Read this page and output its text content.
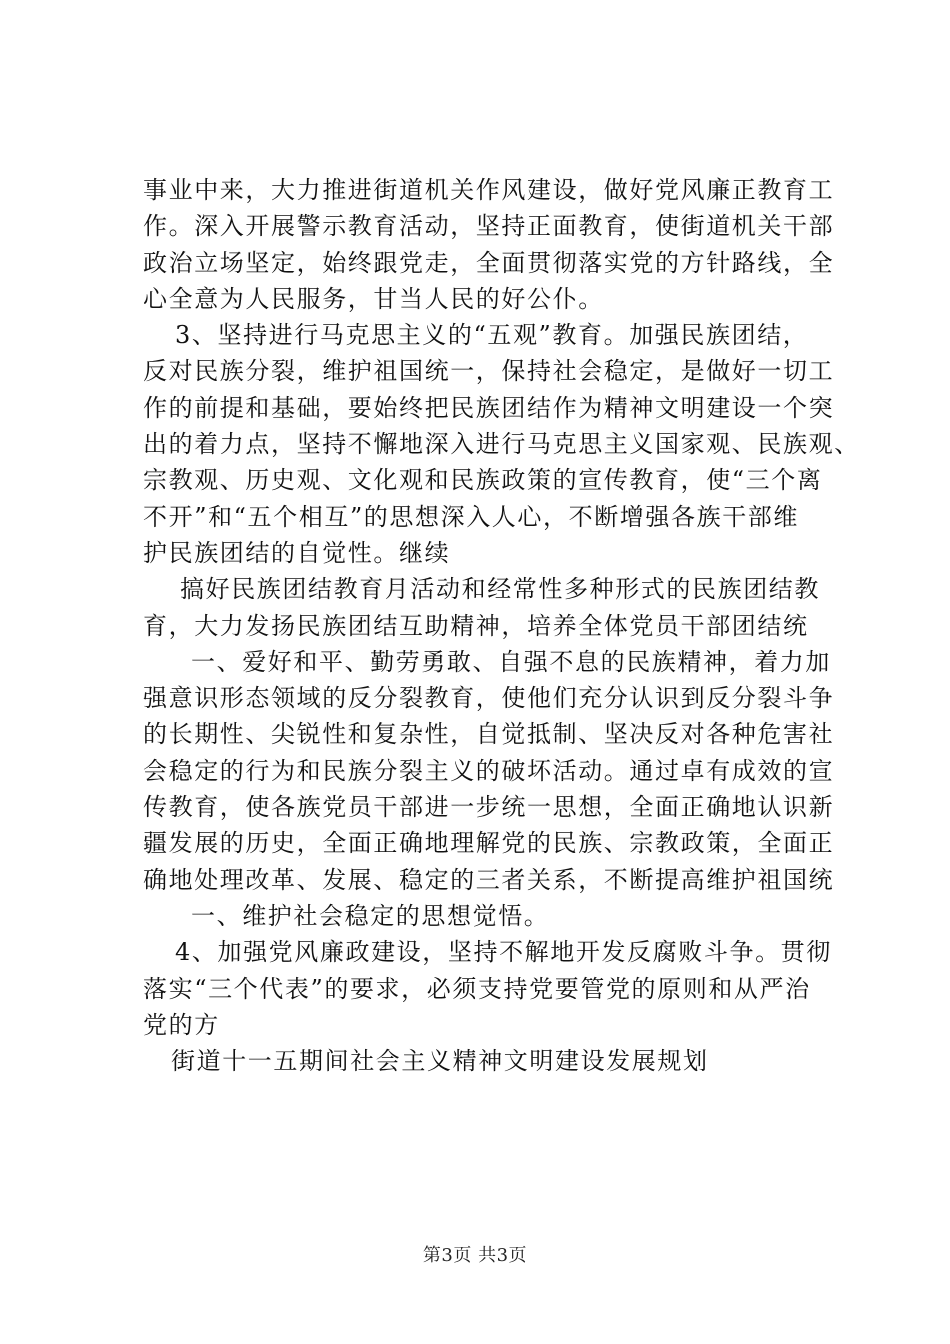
事业中来，大力推进街道机关作风建设，做好党风廉正教育工
作。深入开展警示教育活动，坚持正面教育，使街道机关干部
政治立场坚定，始终跟党走，全面贯彻落实党的方针路线，全
心全意为人民服务，甘当人民的好公仆。
3、坚持进行马克思主义的“五观”教育。加强民族团结，
反对民族分裂，维护祖国统一，保持社会稳定，是做好一切工
作的前提和基础，要始终把民族团结作为精神文明建设一个突
出的着力点，坚持不懈地深入进行马克思主义国家观、民族观、
宗教观、历史观、文化观和民族政策的宣传教育，使“三个离
不开”和“五个相互”的思想深入人心，不断增强各族干部维
护民族团结的自觉性。继续
搞好民族团结教育月活动和经常性多种形式的民族团结教
育，大力发扬民族团结互助精神，培养全体党员干部团结统
一、爱好和平、勤劳勇敢、自强不息的民族精神，着力加
强意识形态领域的反分裂教育，使他们充分认识到反分裂斗争
的长期性、尖锐性和复杂性，自觉抵制、坚决反对各种危害社
会稳定的行为和民族分裂主义的破坏活动。通过卓有成效的宣
传教育，使各族党员干部进一步统一思想，全面正确地认识新
疆发展的历史，全面正确地理解党的民族、宗教政策，全面正
确地处理改革、发展、稳定的三者关系，不断提高维护祖国统
一、维护社会稳定的思想觉悟。
4、加强党风廉政建设，坚持不解地开发反腐败斗争。贯彻
落实“三个代表”的要求，必须支持党要管党的原则和从严治
党的方
街道十一五期间社会主义精神文明建设发展规划
第3页 共3页
